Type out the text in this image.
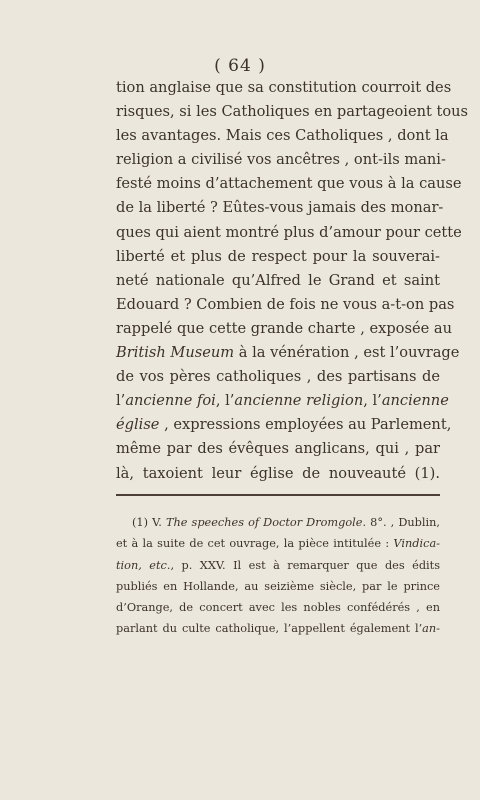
( 64 )
tion anglaise que sa constitution courroit des
risques, si les Catholiques en partageoient tous
les avantages. Mais ces Catholiques , dont la
religion a civilisé vos ancêtres , ont-ils mani-
festé moins d’attachement que vous à la cause
de la liberté ? Eûtes-vous jamais des monar-
ques qui aient montré plus d’amour pour cette
liberté et plus de respect pour la souverai-
neté nationale qu’Alfred le Grand et saint
Edouard ? Combien de fois ne vous a-t-on pas
rappelé que cette grande charte , exposée au
British Museum à la vénération , est l’ouvrage
de vos pères catholiques , des partisans de
l’ancienne foi, l’ancienne religion, l’ancienne
église , expressions employées au Parlement,
même par des évêques anglicans, qui , par
là, taxoient leur église de nouveauté (1).
(1) V. The speeches of Doctor Dromgole. 8°. , Dublin,
et à la suite de cet ouvrage, la pièce intitulée : Vindica-
tion, etc., p. XXV. Il est à remarquer que des édits
publiés en Hollande, au seizième siècle, par le prince
d’Orange, de concert avec les nobles confédérés , en
parlant du culte catholique, l’appellent également l’an-
